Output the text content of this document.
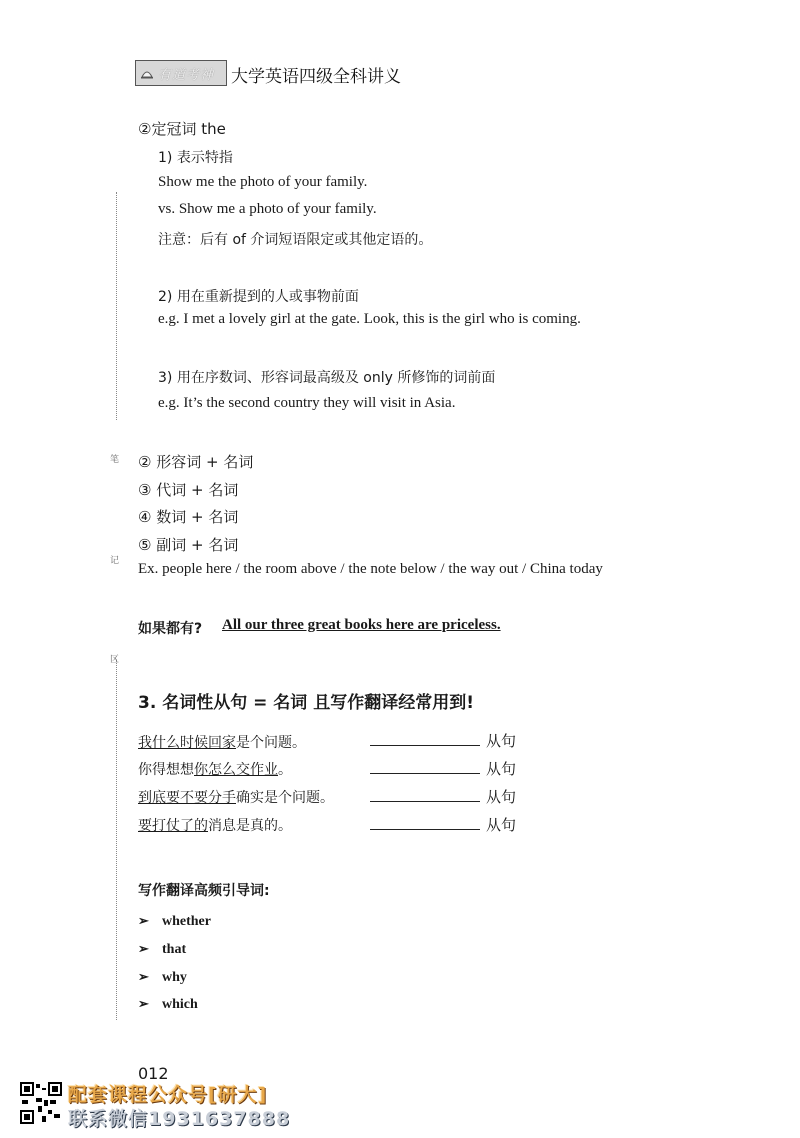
有道考神 大学英语四级全科讲义
②定冠词 the
1) 表示特指
Show me the photo of your family.
vs. Show me a photo of your family.
注意：后有 of 介词短语限定或其他定语的。
2) 用在重新提到的人或事物前面
e.g. I met a lovely girl at the gate. Look, this is the girl who is coming.
3) 用在序数词、形容词最高级及 only 所修饰的词前面
e.g. It’s the second country they will visit in Asia.
笔
记
区
② 形容词 + 名词
③ 代词 + 名词
④ 数词 + 名词
⑤ 副词 + 名词
Ex. people here / the room above / the note below / the way out / China today
如果都有? All our three great books here are priceless.
3. 名词性从句 = 名词 且写作翻译经常用到!
我什么时候回家是个问题。
你得想想你怎么交作业。
到底要不要分手确实是个问题。
要打仗了的消息是真的。
从句
从句
从句
从句
写作翻译高频引导词:
➢ whether
➢ that
➢ why
➢ which
012
配套课程公众号[研大]
联系微信1931637888
